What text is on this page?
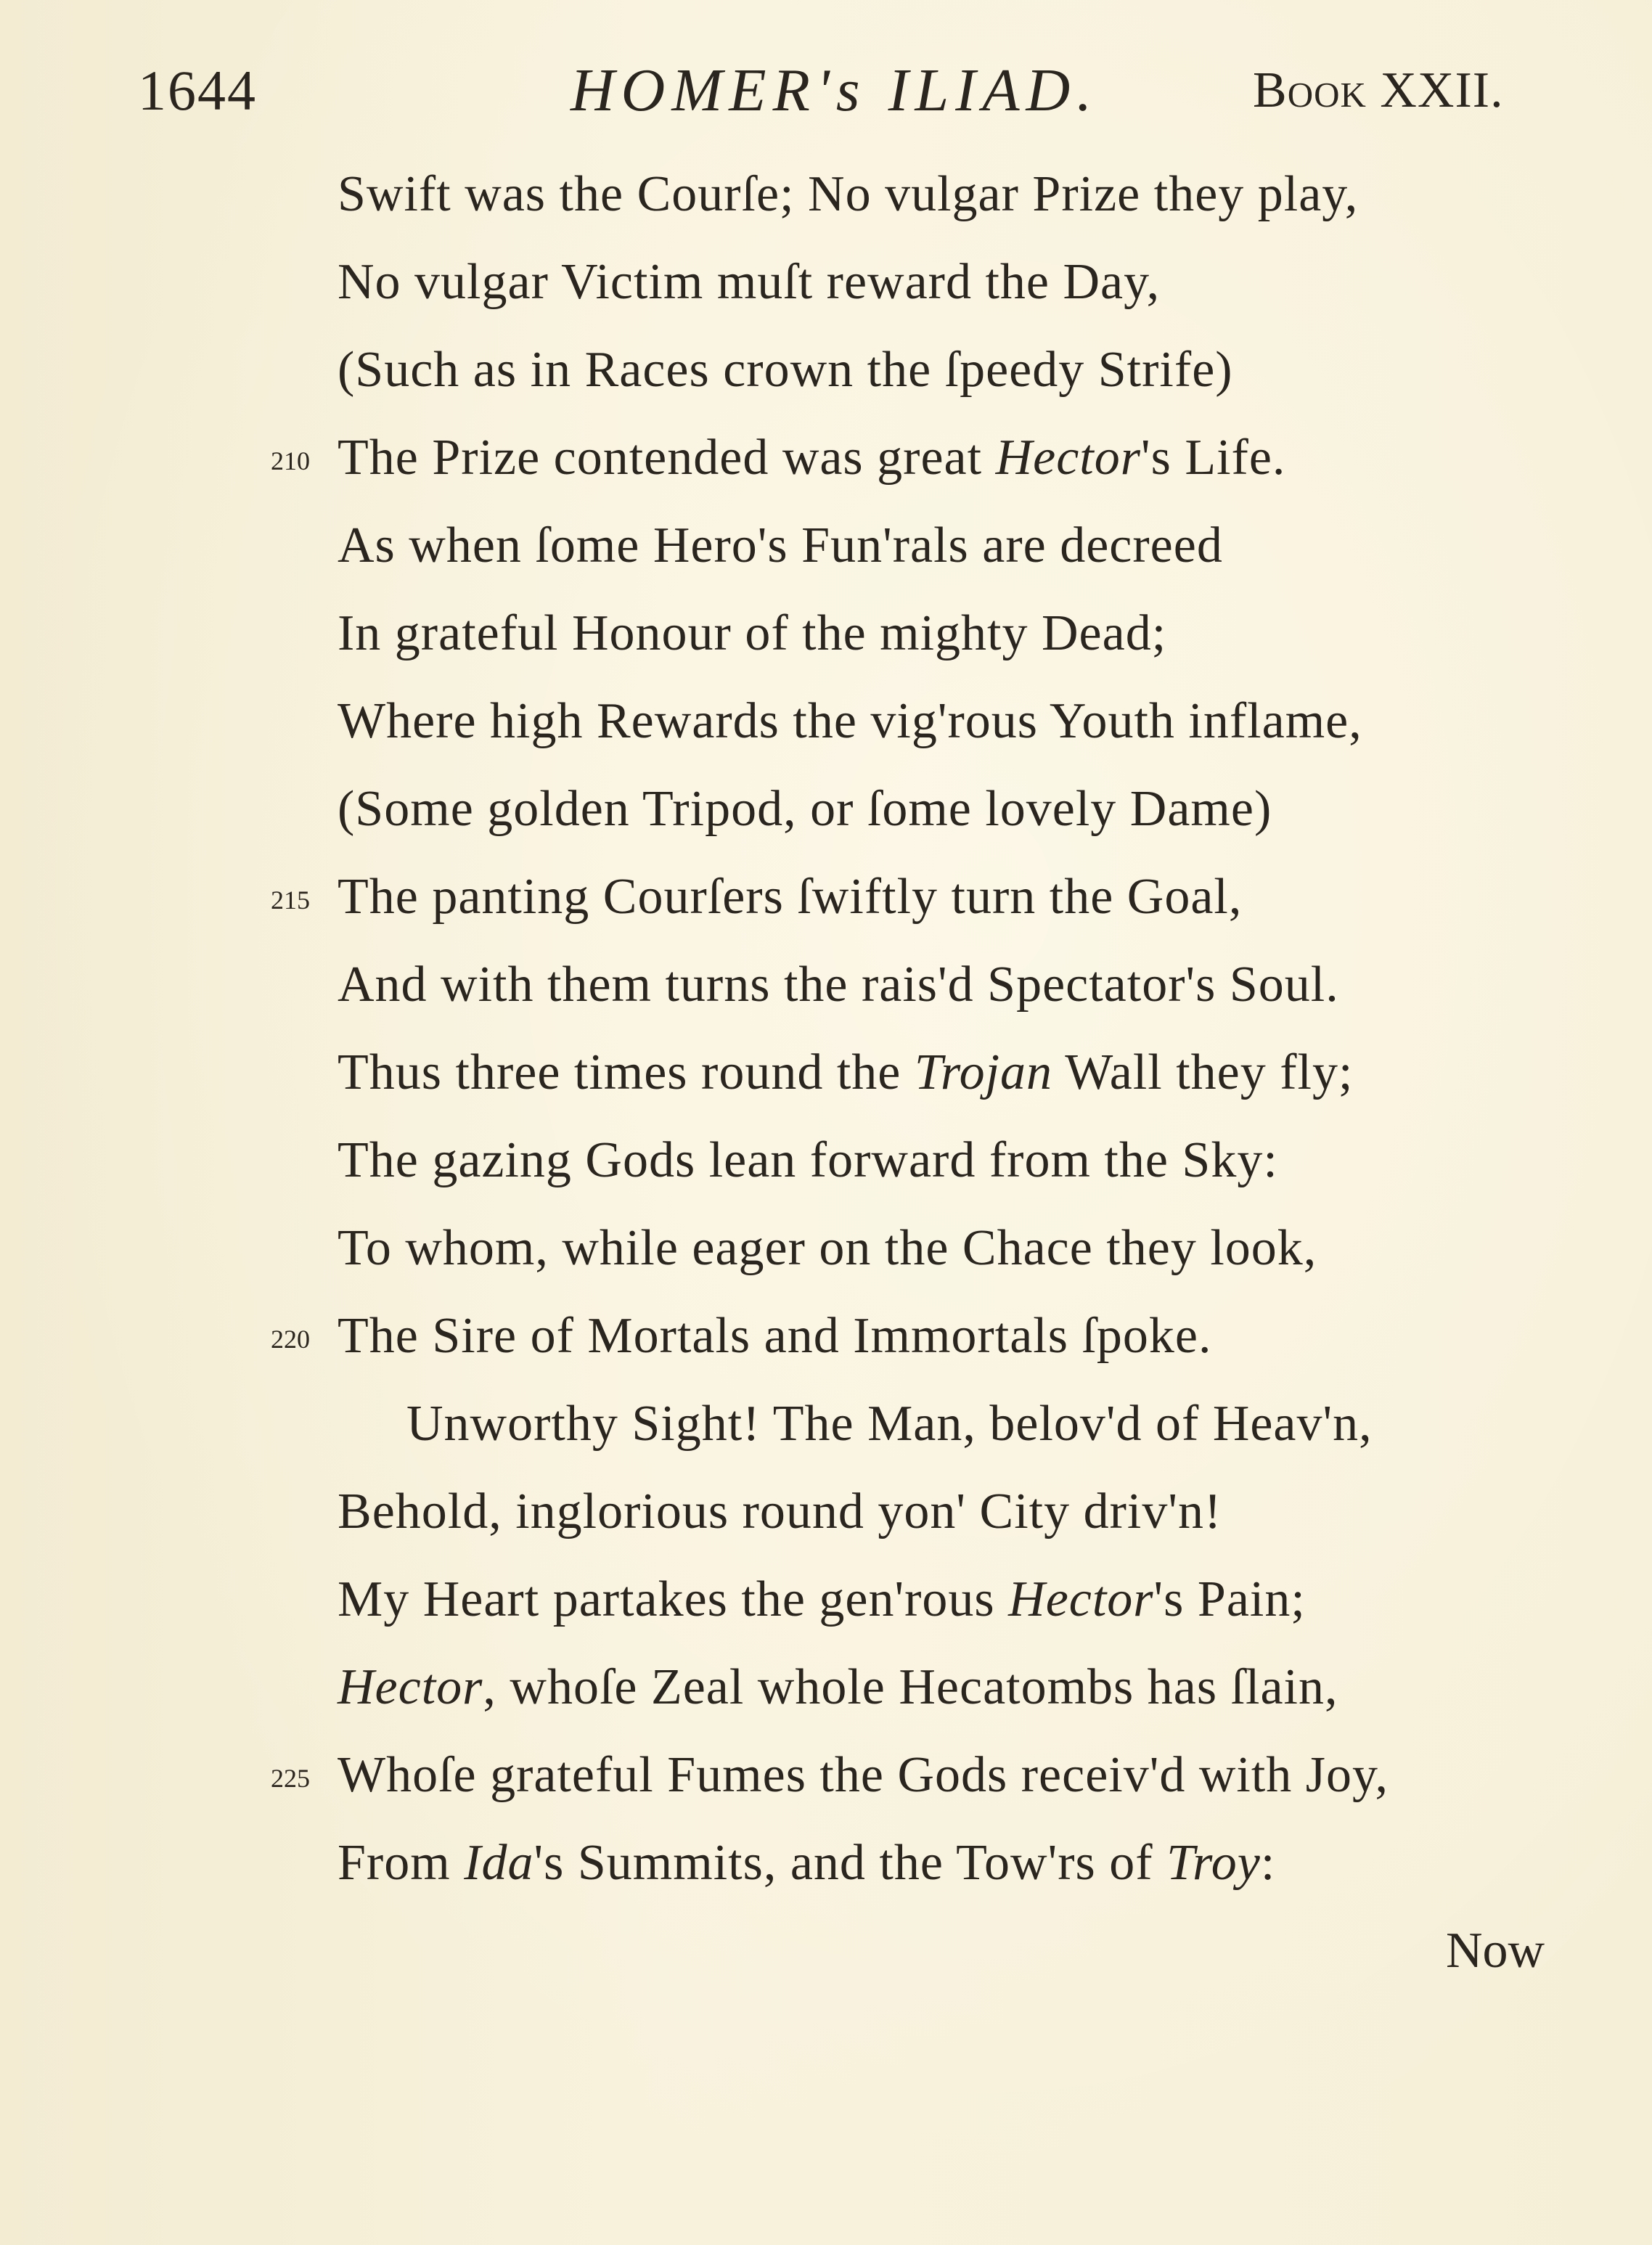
1644	HOMER's ILIAD.	Book XXII.
Swift was the Courſe; No vulgar Prize they play,
No vulgar Victim muſt reward the Day,
(Such as in Races crown the ſpeedy Strife)
210 The Prize contended was great Hector's Life.
As when ſome Hero's Fun'rals are decreed
In grateful Honour of the mighty Dead;
Where high Rewards the vig'rous Youth inflame,
(Some golden Tripod, or ſome lovely Dame)
215 The panting Courſers ſwiftly turn the Goal,
And with them turns the rais'd Spectator's Soul.
Thus three times round the Trojan Wall they fly;
The gazing Gods lean forward from the Sky:
To whom, while eager on the Chace they look,
220 The Sire of Mortals and Immortals ſpoke.
Unworthy Sight! The Man, belov'd of Heav'n,
Behold, inglorious round yon' City driv'n!
My Heart partakes the gen'rous Hector's Pain;
Hector, whoſe Zeal whole Hecatombs has ſlain,
225 Whoſe grateful Fumes the Gods receiv'd with Joy,
From Ida's Summits, and the Tow'rs of Troy:
Now
